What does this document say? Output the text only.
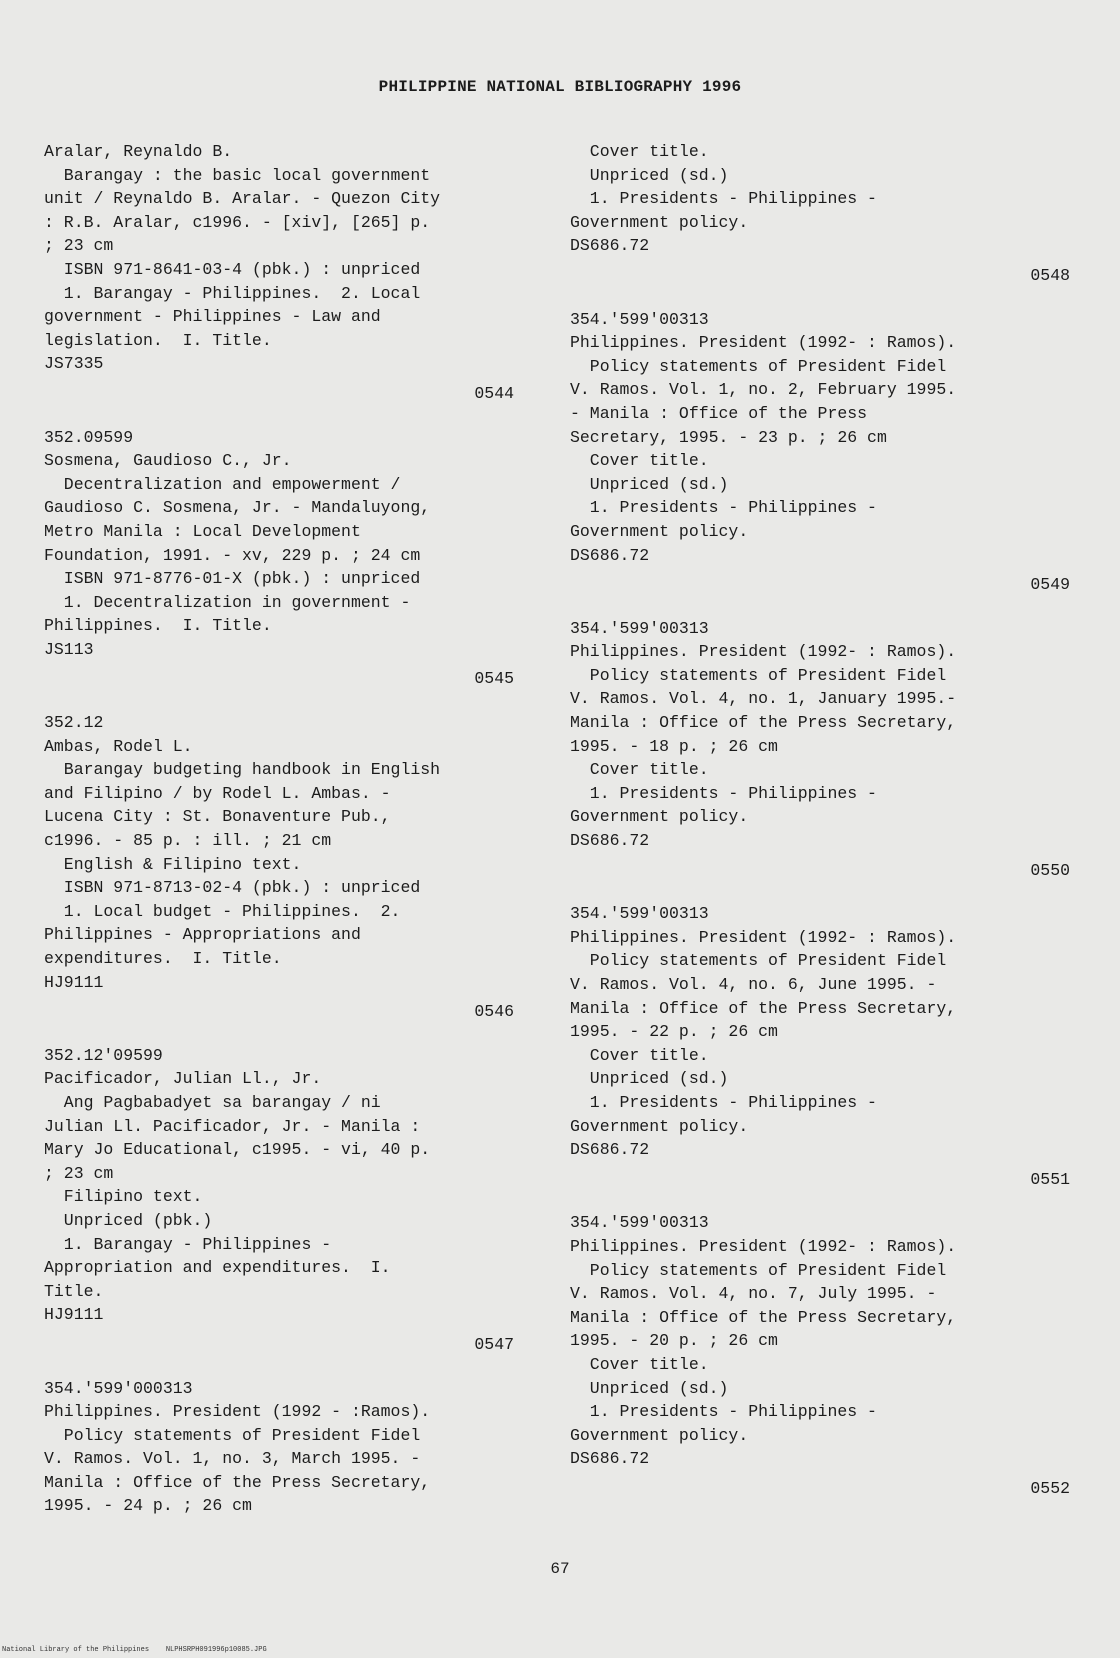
PHILIPPINE NATIONAL BIBLIOGRAPHY 1996
Aralar, Reynaldo B.
Barangay : the basic local government
unit / Reynaldo B. Aralar. - Quezon City
: R.B. Aralar, c1996. - [xiv], [265] p.
; 23 cm
ISBN 971-8641-03-4 (pbk.) : unpriced
1. Barangay - Philippines.  2. Local
government - Philippines - Law and
legislation.  I. Title.
JS7335
0544
352.09599
Sosmena, Gaudioso C., Jr.
Decentralization and empowerment /
Gaudioso C. Sosmena, Jr. - Mandaluyong,
Metro Manila : Local Development
Foundation, 1991. - xv, 229 p. ; 24 cm
ISBN 971-8776-01-X (pbk.) : unpriced
1. Decentralization in government -
Philippines.  I. Title.
JS113
0545
352.12
Ambas, Rodel L.
Barangay budgeting handbook in English
and Filipino / by Rodel L. Ambas. -
Lucena City : St. Bonaventure Pub.,
c1996. - 85 p. : ill. ; 21 cm
English & Filipino text.
ISBN 971-8713-02-4 (pbk.) : unpriced
1. Local budget - Philippines.  2.
Philippines - Appropriations and
expenditures.  I. Title.
HJ9111
0546
352.12'09599
Pacificador, Julian Ll., Jr.
Ang Pagbabadyet sa barangay / ni
Julian Ll. Pacificador, Jr. - Manila :
Mary Jo Educational, c1995. - vi, 40 p.
; 23 cm
Filipino text.
Unpriced (pbk.)
1. Barangay - Philippines -
Appropriation and expenditures.  I.
Title.
HJ9111
0547
354.'599'000313
Philippines. President (1992 - :Ramos).
Policy statements of President Fidel
V. Ramos. Vol. 1, no. 3, March 1995. -
Manila : Office of the Press Secretary,
1995. - 24 p. ; 26 cm
Cover title.
Unpriced (sd.)
1. Presidents - Philippines -
Government policy.
DS686.72
0548
354.'599'00313
Philippines. President (1992- : Ramos).
Policy statements of President Fidel
V. Ramos. Vol. 1, no. 2, February 1995.
- Manila : Office of the Press
Secretary, 1995. - 23 p. ; 26 cm
Cover title.
Unpriced (sd.)
1. Presidents - Philippines -
Government policy.
DS686.72
0549
354.'599'00313
Philippines. President (1992- : Ramos).
Policy statements of President Fidel
V. Ramos. Vol. 4, no. 1, January 1995.-
Manila : Office of the Press Secretary,
1995. - 18 p. ; 26 cm
Cover title.
1. Presidents - Philippines -
Government policy.
DS686.72
0550
354.'599'00313
Philippines. President (1992- : Ramos).
Policy statements of President Fidel
V. Ramos. Vol. 4, no. 6, June 1995. -
Manila : Office of the Press Secretary,
1995. - 22 p. ; 26 cm
Cover title.
Unpriced (sd.)
1. Presidents - Philippines -
Government policy.
DS686.72
0551
354.'599'00313
Philippines. President (1992- : Ramos).
Policy statements of President Fidel
V. Ramos. Vol. 4, no. 7, July 1995. -
Manila : Office of the Press Secretary,
1995. - 20 p. ; 26 cm
Cover title.
Unpriced (sd.)
1. Presidents - Philippines -
Government policy.
DS686.72
0552
67
National Library of the Philippines    NLPHSRPH091996p10085.JPG
